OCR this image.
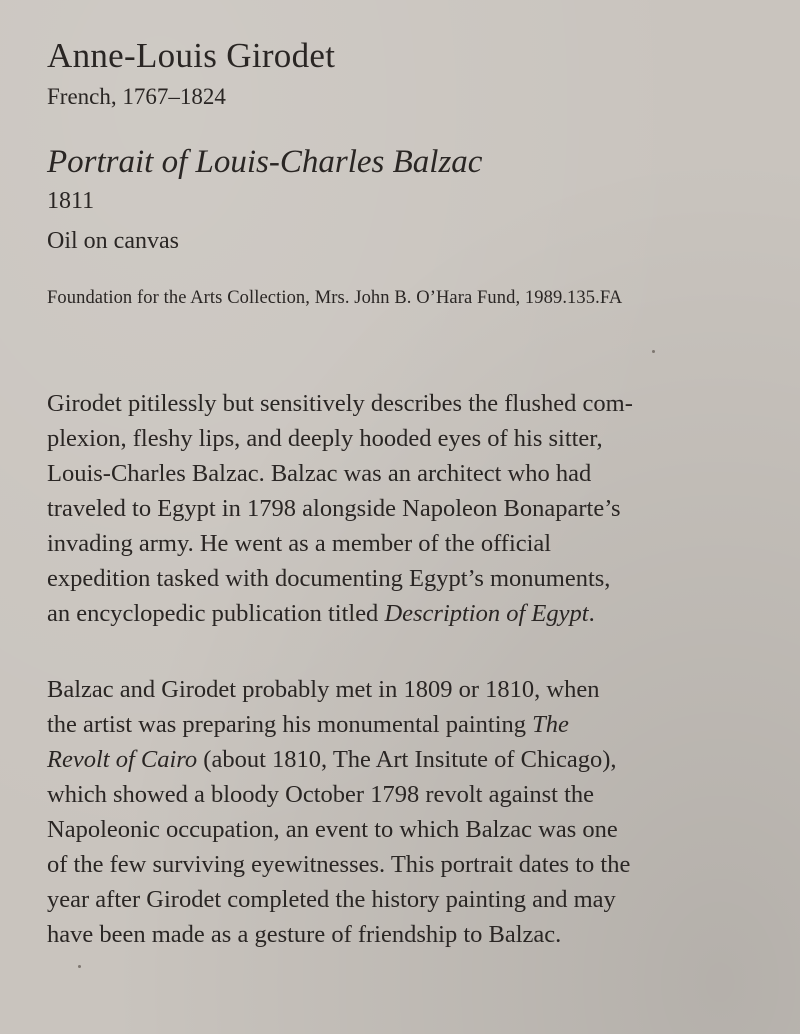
Anne-Louis Girodet
French, 1767–1824
Portrait of Louis-Charles Balzac
1811
Oil on canvas
Foundation for the Arts Collection, Mrs. John B. O’Hara Fund, 1989.135.FA

Girodet pitilessly but sensitively describes the flushed com-
plexion, fleshy lips, and deeply hooded eyes of his sitter,
Louis-Charles Balzac. Balzac was an architect who had
traveled to Egypt in 1798 alongside Napoleon Bonaparte’s
invading army. He went as a member of the official
expedition tasked with documenting Egypt’s monuments,
an encyclopedic publication titled Description of Egypt.

Balzac and Girodet probably met in 1809 or 1810, when
the artist was preparing his monumental painting The
Revolt of Cairo (about 1810, The Art Insitute of Chicago),
which showed a bloody October 1798 revolt against the
Napoleonic occupation, an event to which Balzac was one
of the few surviving eyewitnesses. This portrait dates to the
year after Girodet completed the history painting and may
have been made as a gesture of friendship to Balzac.
